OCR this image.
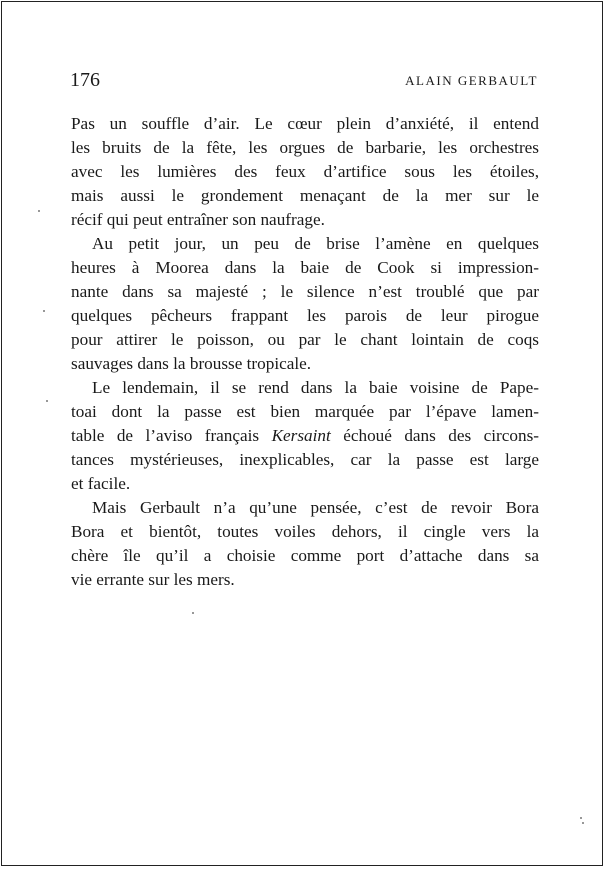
176	ALAIN GERBAULT

Pas un souffle d’air. Le cœur plein d’anxiété, il entend
les bruits de la fête, les orgues de barbarie, les orchestres
avec les lumières des feux d’artifice sous les étoiles,
mais aussi le grondement menaçant de la mer sur le
récif qui peut entraîner son naufrage.

Au petit jour, un peu de brise l’amène en quelques
heures à Moorea dans la baie de Cook si impression-
nante dans sa majesté ; le silence n’est troublé que par
quelques pêcheurs frappant les parois de leur pirogue
pour attirer le poisson, ou par le chant lointain de coqs
sauvages dans la brousse tropicale.

Le lendemain, il se rend dans la baie voisine de Pape-
toai dont la passe est bien marquée par l’épave lamen-
table de l’aviso français Kersaint échoué dans des circons-
tances mystérieuses, inexplicables, car la passe est large
et facile.

Mais Gerbault n’a qu’une pensée, c’est de revoir Bora
Bora et bientôt, toutes voiles dehors, il cingle vers la
chère île qu’il a choisie comme port d’attache dans sa
vie errante sur les mers.
